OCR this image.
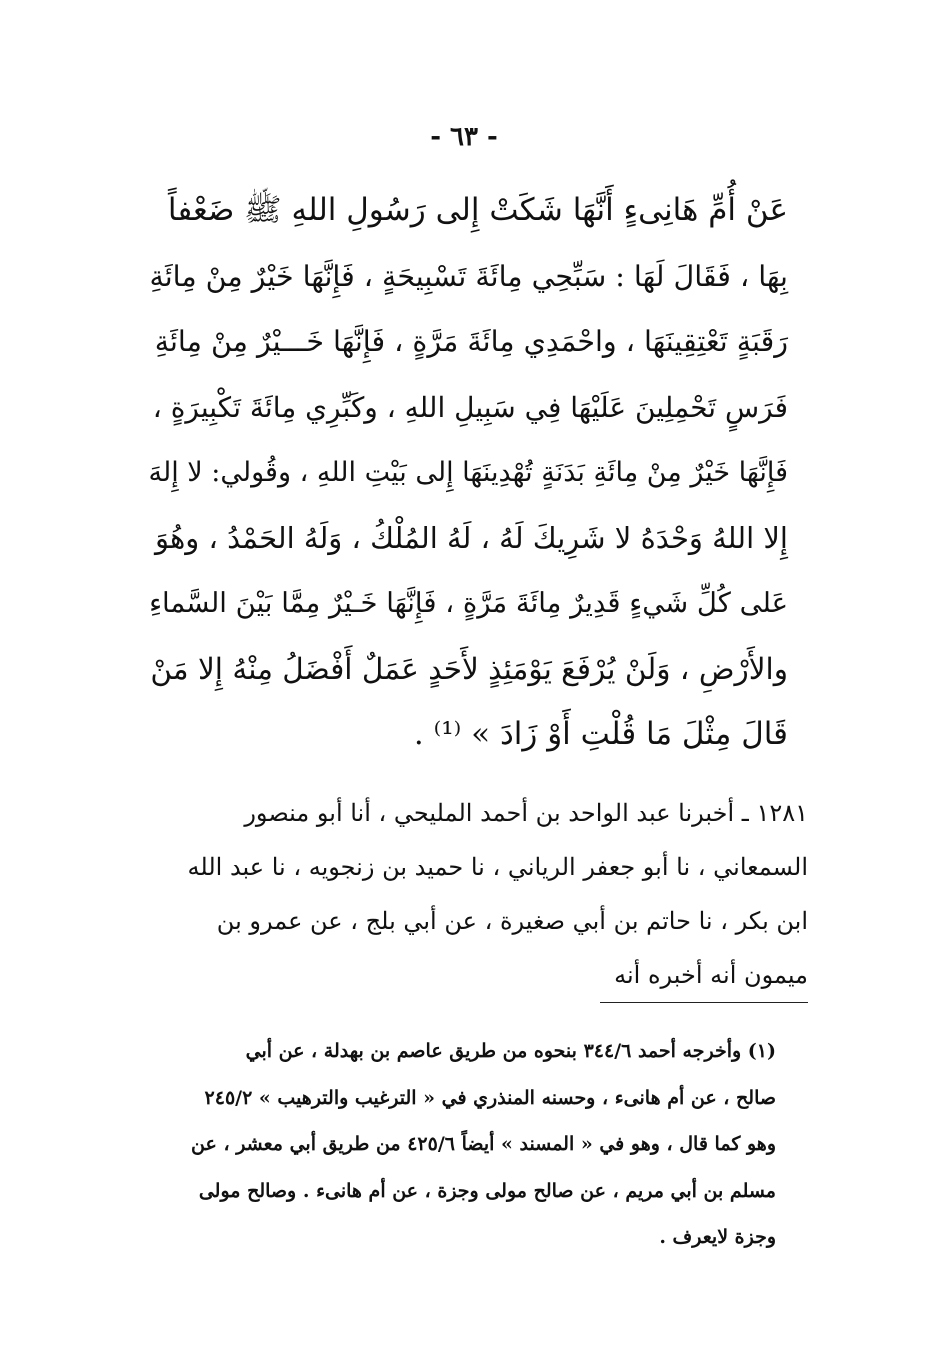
- ٦٣ -
عَنْ أُمِّ هَانِىءٍ أَنَّهَا شَكَتْ إِلى رَسُولِ اللهِ ﷺ ضَعْفاً
بِهَا ، فَقَالَ لَهَا : سَبِّحِي مِائَةَ تَسْبِيحَةٍ ، فَإِنَّهَا خَيْرٌ مِنْ مِائَةِ
رَقَبَةٍ تَعْتِقِينَهَا ، واحْمَدِي مِائَةَ مَرَّةٍ ، فَإِنَّهَا خَـــيْرٌ مِنْ مِائَةِ
فَرَسٍ تَحْمِلِينَ عَلَيْهَا فِي سَبِيلِ اللهِ ، وكَبِّرِي مِائَةَ تَكْبِيرَةٍ ،
فَإِنَّهَا خَيْرٌ مِنْ مِائَةِ بَدَنَةٍ تُهْدِينَهَا إِلى بَيْتِ اللهِ ، وقُولي: لا إِلهَ
إِلا اللهُ وَحْدَهُ لا شَرِيكَ لَهُ ، لَهُ المُلْكُ ، وَلَهُ الحَمْدُ ، وهُوَ
عَلى كُلِّ شَيءٍ قَدِيرٌ مِائَةَ مَرَّةٍ ، فَإِنَّهَا خَـيْرٌ مِمَّا بَيْنَ السَّماءِ
والأَرْضِ ، وَلَنْ يُرْفَعَ يَوْمَئِذٍ لأَحَدٍ عَمَلٌ أَفْضَلُ مِنْهُ إِلا مَنْ
قَالَ مِثْلَ مَا قُلْتِ أَوْ زَادَ » ⁽¹⁾ .
١٢٨١ ـ أخبرنا عبد الواحد بن أحمد المليحي ، أنا أبو منصور
السمعاني ، نا أبو جعفر الرياني ، نا حميد بن زنجويه ، نا عبد الله
ابن بكر ، نا حاتم بن أبي صغيرة ، عن أبي بلج ، عن عمرو بن
ميمون أنه أخبره أنه
(١) وأخرجه أحمد ٣٤٤/٦ بنحوه من طريق عاصم بن بهدلة ، عن أبي
صالح ، عن أم هانىء ، وحسنه المنذري في « الترغيب والترهيب » ٢٤٥/٢
وهو كما قال ، وهو في « المسند » أيضاً ٤٢٥/٦ من طريق أبي معشر ، عن
مسلم بن أبي مريم ، عن صالح مولى وجزة ، عن أم هانىء . وصالح مولى
وجزة لايعرف .
